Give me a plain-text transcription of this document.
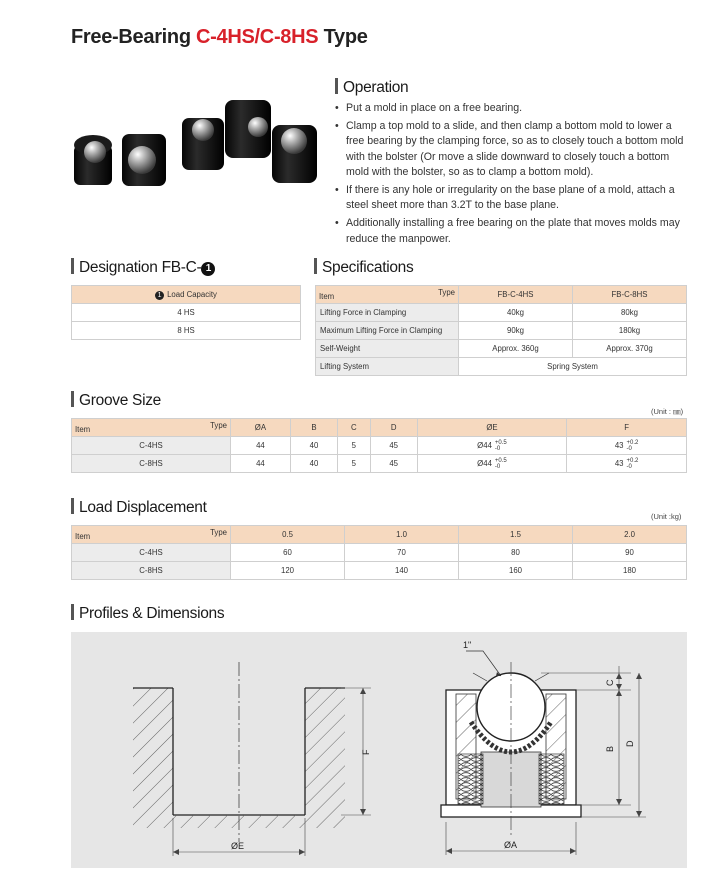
Free-Bearing C-4HS/C-8HS Type
Operation
• Put a mold in place on a free bearing.
• Clamp a top mold to a slide, and then clamp a bottom mold to lower a free bearing by the clamping force, so as to closely touch a bottom mold with the bolster (Or move a slide downward to closely touch a bottom mold with the bolster, so as to clamp a bottom mold).
• If there is any hole or irregularity on the base plane of a mold, attach a steel sheet more than 3.2T to the base plane.
• Additionally installing a free bearing on the plate that moves molds may reduce the manpower.
Designation FB-C- 1
1 Load Capacity
4 HS
8 HS
Specifications
Item Type	FB-C-4HS	FB-C-8HS
Lifting Force in Clamping	40kg	80kg
Maximum Lifting Force in Clamping	90kg	180kg
Self-Weight	Approx. 360g	Approx. 370g
Lifting System	Spring System	
Groove Size
(Unit : ㎜)
Item Type	ØA	B	C	D	ØE	F
C-4HS	44	40	5	45	Ø44 +0.5
-0	43 +0.2
-0
C-8HS	44	40	5	45	Ø44 +0.5
-0	43 +0.2
-0
Load Displacement
(Unit :kg)
Item Type	0.5	1.0	1.5	2.0
C-4HS	60	70	80	90
C-8HS	120	140	160	180
Profiles & Dimensions
ØE
F
ØA
1"
C
B
D
